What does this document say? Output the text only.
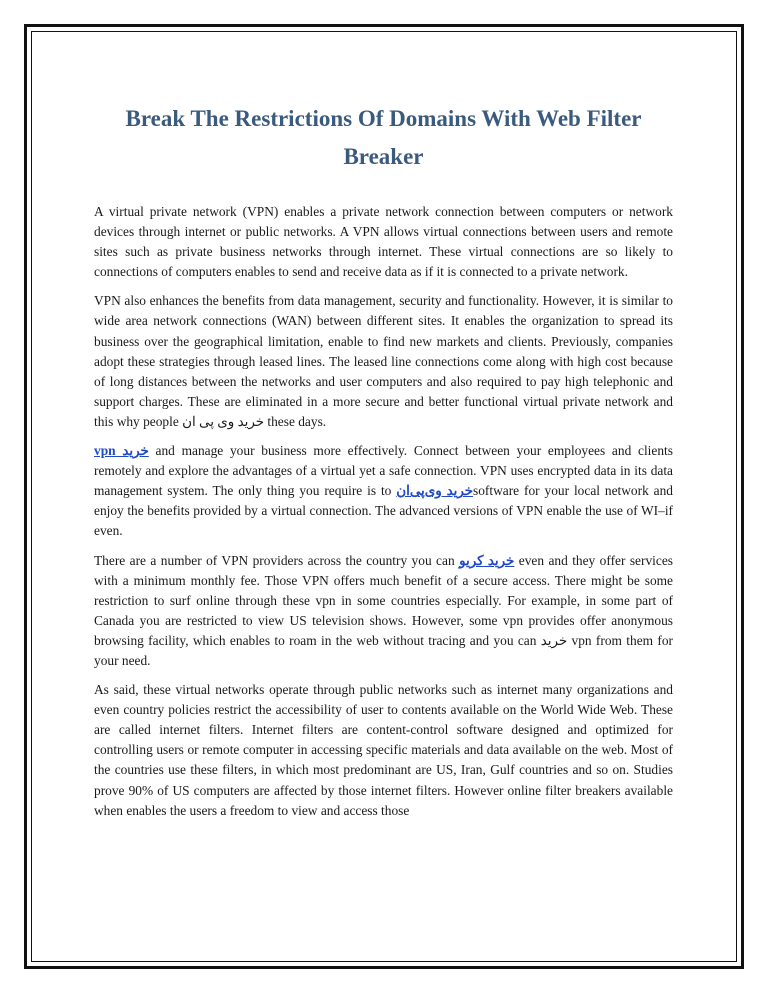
Break The Restrictions Of Domains With Web Filter Breaker

A virtual private network (VPN) enables a private network connection between computers or network devices through internet or public networks. A VPN allows virtual connections between users and remote sites such as private business networks through internet. These virtual connections are so likely to connections of computers enables to send and receive data as if it is connected to a private network.

VPN also enhances the benefits from data management, security and functionality. However, it is similar to wide area network connections (WAN) between different sites. It enables the organization to spread its business over the geographical limitation, enable to find new markets and clients. Previously, companies adopt these strategies through leased lines. The leased line connections come along with high cost because of long distances between the networks and user computers and also required to pay high telephonic and support charges. These are eliminated in a more secure and better functional virtual private network and this why people خرید وی پی ان these days.

خرید vpn and manage your business more effectively. Connect between your employees and clients remotely and explore the advantages of a virtual yet a safe connection. VPN uses encrypted data in its data management system. The only thing you require is to خرید وی‌پی‌انsoftware for your local network and enjoy the benefits provided by a virtual connection. The advanced versions of VPN enable the use of WI–if even.

There are a number of VPN providers across the country you can خرید کریو even and they offer services with a minimum monthly fee. Those VPN offers much benefit of a secure access. There might be some restriction to surf online through these vpn in some countries especially. For example, in some part of Canada you are restricted to view US television shows. However, some vpn provides offer anonymous browsing facility, which enables to roam in the web without tracing and you can خرید vpn from them for your need.

As said, these virtual networks operate through public networks such as internet many organizations and even country policies restrict the accessibility of user to contents available on the World Wide Web. These are called internet filters. Internet filters are content-control software designed and optimized for controlling users or remote computer in accessing specific materials and data available on the web. Most of the countries use these filters, in which most predominant are US, Iran, Gulf countries and so on. Studies prove 90% of US computers are affected by those internet filters. However online filter breakers available when enables the users a freedom to view and access those
